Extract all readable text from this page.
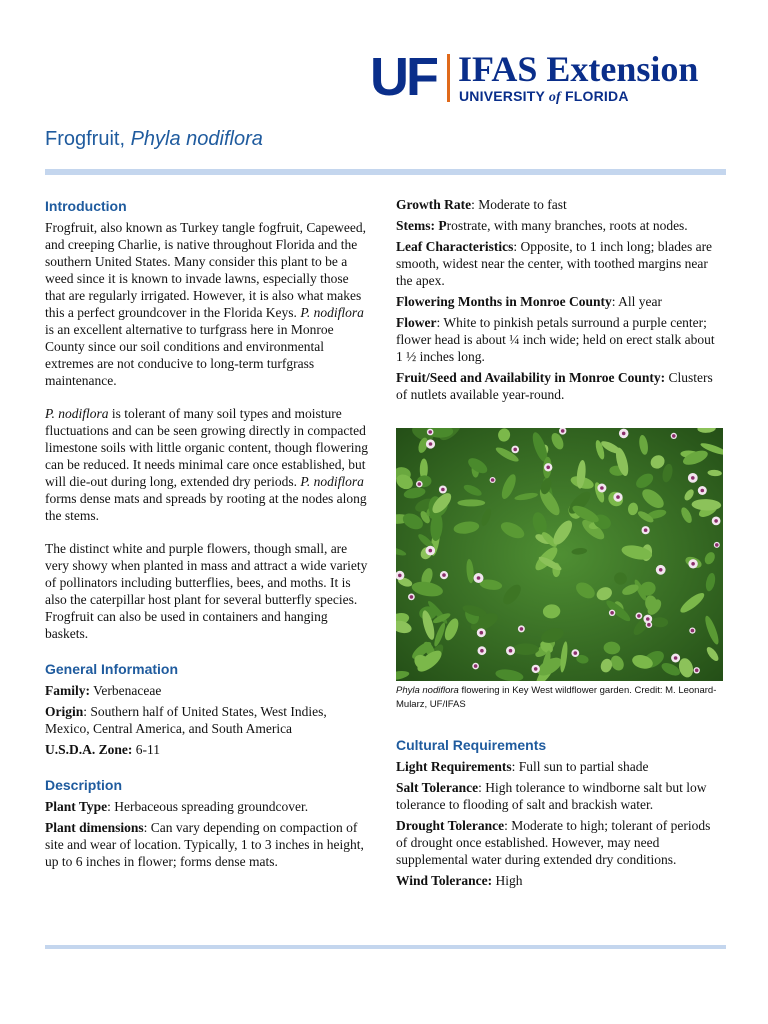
UF IFAS Extension
UNIVERSITY of FLORIDA
Frogfruit, Phyla nodiflora

Introduction

Frogfruit, also known as Turkey tangle fogfruit, Capeweed, and creeping Charlie, is native throughout Florida and the southern United States. Many consider this plant to be a weed since it is known to invade lawns, especially those that are regularly irrigated. However, it is also what makes this a perfect groundcover in the Florida Keys. P. nodiflora is an excellent alternative to turfgrass here in Monroe County since our soil conditions and environmental extremes are not conducive to long-term turfgrass maintenance.

P. nodiflora is tolerant of many soil types and moisture fluctuations and can be seen growing directly in compacted limestone soils with little organic content, though flowering can be reduced. It needs minimal care once established, but will die-out during long, extended dry periods. P. nodiflora forms dense mats and spreads by rooting at the nodes along the stems.

The distinct white and purple flowers, though small, are very showy when planted in mass and attract a wide variety of pollinators including butterflies, bees, and moths. It is also the caterpillar host plant for several butterfly species. Frogfruit can also be used in containers and hanging baskets.

General Information

Family: Verbenaceae

Origin: Southern half of United States, West Indies, Mexico, Central America, and South America

U.S.D.A. Zone: 6-11

Description

Plant Type: Herbaceous spreading groundcover.

Plant dimensions: Can vary depending on compaction of site and wear of location. Typically, 1 to 3 inches in height, up to 6 inches in flower; forms dense mats.

Growth Rate: Moderate to fast

Stems: Prostrate, with many branches, roots at nodes.

Leaf Characteristics: Opposite, to 1 inch long; blades are smooth, widest near the center, with toothed margins near the apex.

Flowering Months in Monroe County: All year

Flower: White to pinkish petals surround a purple center; flower head is about ¼ inch wide; held on erect stalk about 1 ½ inches long.

Fruit/Seed and Availability in Monroe County: Clusters of nutlets available year-round.

Phyla nodiflora flowering in Key West wildflower garden. Credit: M. Leonard-Mularz, UF/IFAS

Cultural Requirements

Light Requirements: Full sun to partial shade

Salt Tolerance: High tolerance to windborne salt but low tolerance to flooding of salt and brackish water.

Drought Tolerance: Moderate to high; tolerant of periods of drought once established. However, may need supplemental water during extended dry conditions.

Wind Tolerance: High
